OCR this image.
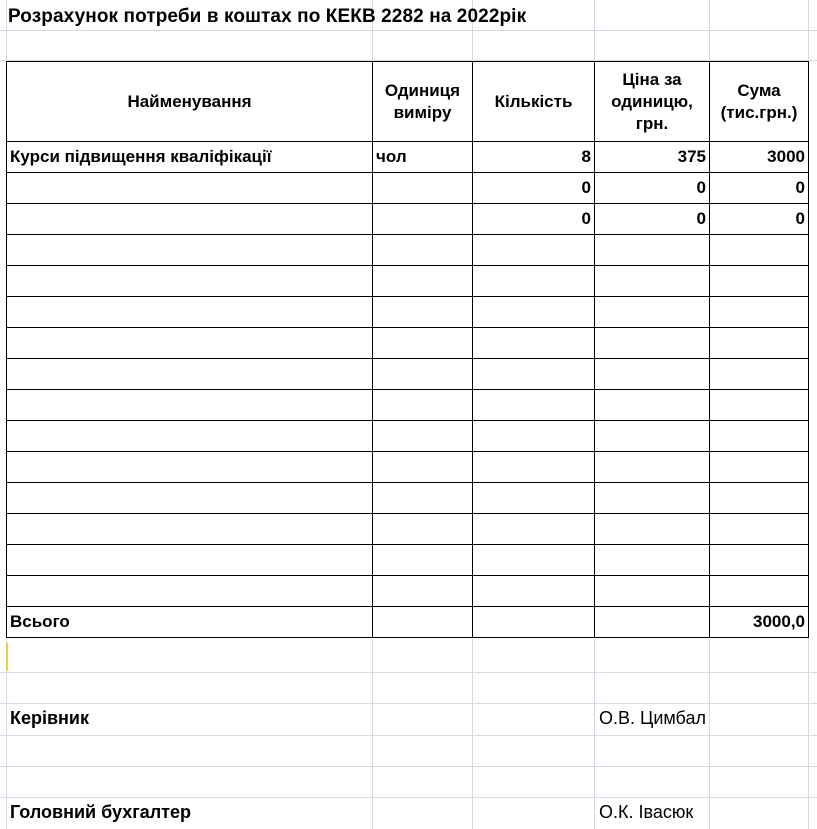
Розрахунок потреби в коштах по КЕКВ 2282 на 2022рік
Найменування	Одиниця виміру	Кількість	Ціна за одиницю, грн.	Сума (тис.грн.)
Курси підвищення кваліфікації	чол	8	375	3000
		0	0	0
		0	0	0

Всього				3000,0
Керівник	О.В. Цимбал
Головний бухгалтер	О.К. Івасюк
